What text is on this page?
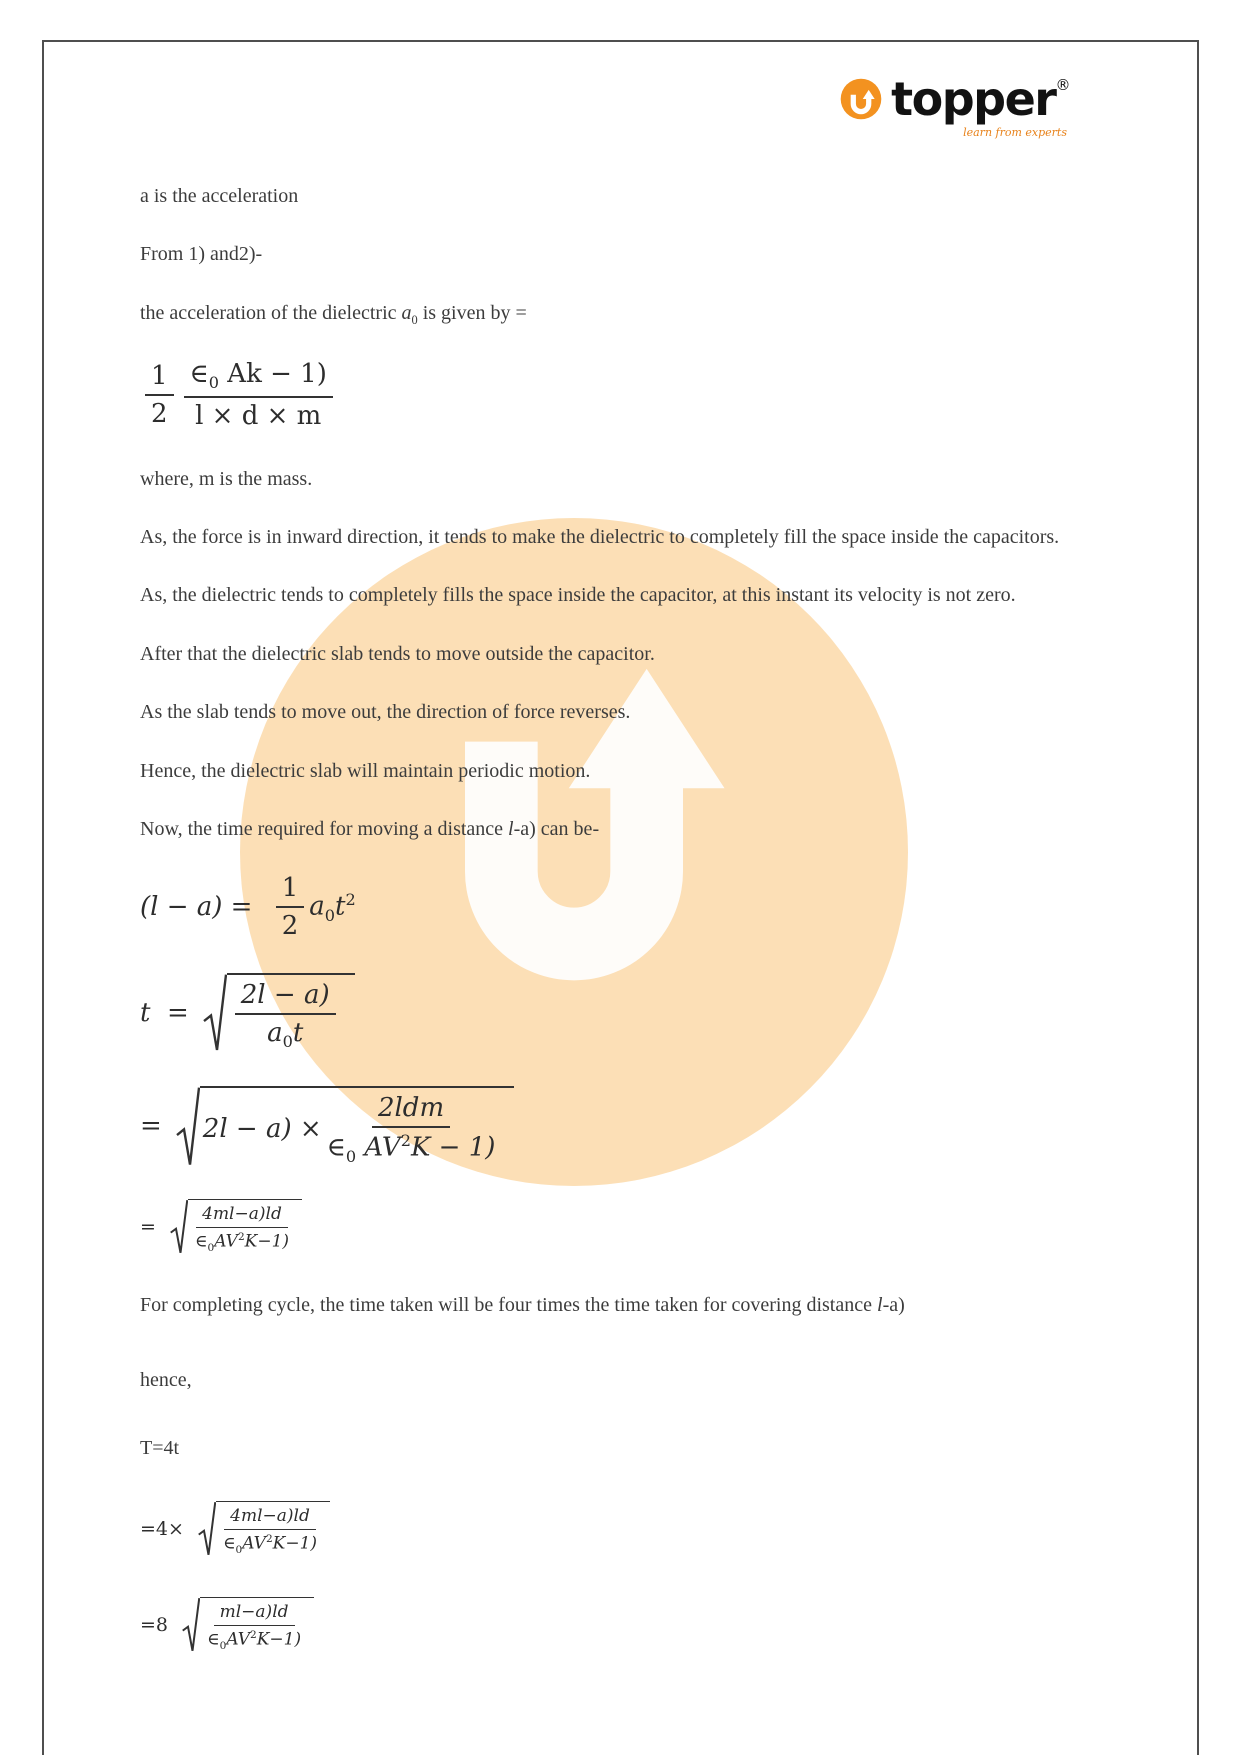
topper®
learn from experts

a is the acceleration

From 1) and2)-

the acceleration of the dielectric $a_0$ is given by =

$\frac{1}{2} \frac{\in_0 Ak - 1)}{l \times d \times m}$

where, m is the mass.

As, the force is in inward direction, it tends to make the dielectric to completely fill the space inside the capacitors.

As, the dielectric tends to completely fills the space inside the capacitor, at this instant its velocity is not zero.

After that the dielectric slab tends to move outside the capacitor.

As the slab tends to move out, the direction of force reverses.

Hence, the dielectric slab will maintain periodic motion.

Now, the time required for moving a distance l-a) can be-

$(l - a) = \frac{1}{2} a_0t^2$
$t = \frac{2l - a)}{a_0t}$
= $2l - a) \times \frac{\text{2ldm}}{\in_0 AV^2K - 1)}$
= $\frac{4ml-a)ld}{\in_0AV^2K-1)}$

For completing cycle, the time taken will be four times the time taken for covering distance l-a)

hence,

T=4t

$=4\times \frac{4ml-a)ld}{\in_0AV^2K-1)}$
$=8 \frac{ml-a)ld}{\in_0AV^2K-1)}$
